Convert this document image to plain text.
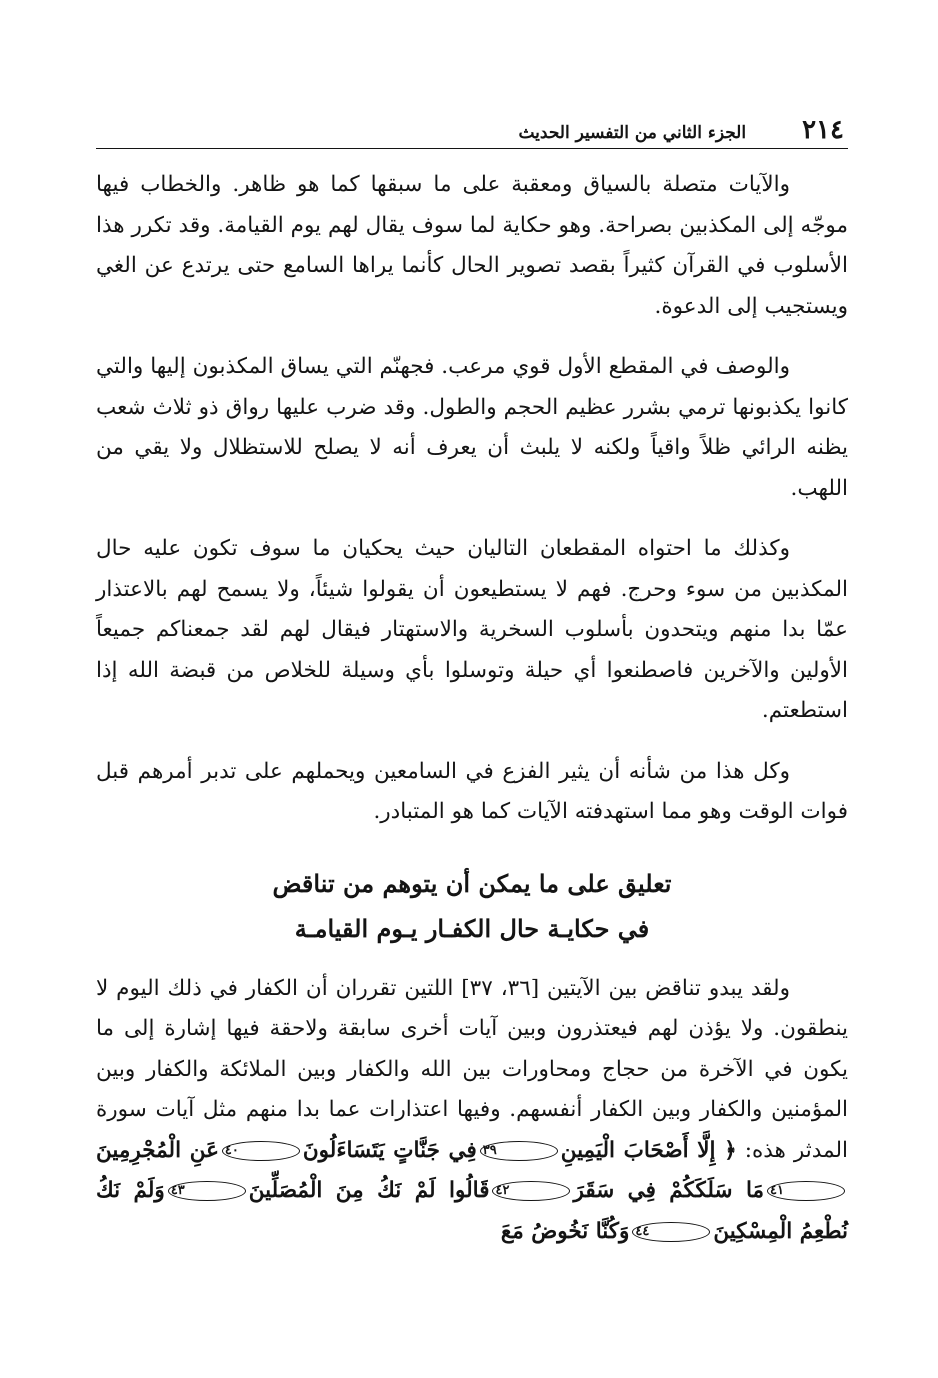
٢١٤
الجزء الثاني من التفسير الحديث

والآيات متصلة بالسياق ومعقبة على ما سبقها كما هو ظاهر. والخطاب فيها موجّه إلى المكذبين بصراحة. وهو حكاية لما سوف يقال لهم يوم القيامة. وقد تكرر هذا الأسلوب في القرآن كثيراً بقصد تصوير الحال كأنما يراها السامع حتى يرتدع عن الغي ويستجيب إلى الدعوة.

والوصف في المقطع الأول قوي مرعب. فجهنّم التي يساق المكذبون إليها والتي كانوا يكذبونها ترمي بشرر عظيم الحجم والطول. وقد ضرب عليها رواق ذو ثلاث شعب يظنه الرائي ظلاً واقياً ولكنه لا يلبث أن يعرف أنه لا يصلح للاستظلال ولا يقي من اللهب.

وكذلك ما احتواه المقطعان التاليان حيث يحكيان ما سوف تكون عليه حال المكذبين من سوء وحرج. فهم لا يستطيعون أن يقولوا شيئاً، ولا يسمح لهم بالاعتذار عمّا بدا منهم ويتحدون بأسلوب السخرية والاستهتار فيقال لهم لقد جمعناكم جميعاً الأولين والآخرين فاصطنعوا أي حيلة وتوسلوا بأي وسيلة للخلاص من قبضة الله إذا استطعتم.

وكل هذا من شأنه أن يثير الفزع في السامعين ويحملهم على تدبر أمرهم قبل فوات الوقت وهو مما استهدفته الآيات كما هو المتبادر.

تعليق على ما يمكن أن يتوهم من تناقض
في حكايـة حال الكفـار يـوم القيامـة

ولقد يبدو تناقض بين الآيتين [٣٦، ٣٧] اللتين تقرران أن الكفار في ذلك اليوم لا ينطقون. ولا يؤذن لهم فيعتذرون وبين آيات أخرى سابقة ولاحقة فيها إشارة إلى ما يكون في الآخرة من حجاج ومحاورات بين الله والكفار وبين الملائكة والكفار وبين المؤمنين والكفار وبين الكفار أنفسهم. وفيها اعتذارات عما بدا منهم مثل آيات سورة المدثر هذه: ﴿ إِلَّا أَصْحَابَ الْيَمِينِ٣٩فِي جَنَّاتٍ يَتَسَاءَلُونَ٤٠عَنِ الْمُجْرِمِينَ٤١مَا سَلَكَكُمْ فِي سَقَرَ٤٢قَالُوا لَمْ نَكُ مِنَ الْمُصَلِّينَ٤٣وَلَمْ نَكُ نُطْعِمُ الْمِسْكِينَ٤٤وَكُنَّا نَخُوضُ مَعَ
